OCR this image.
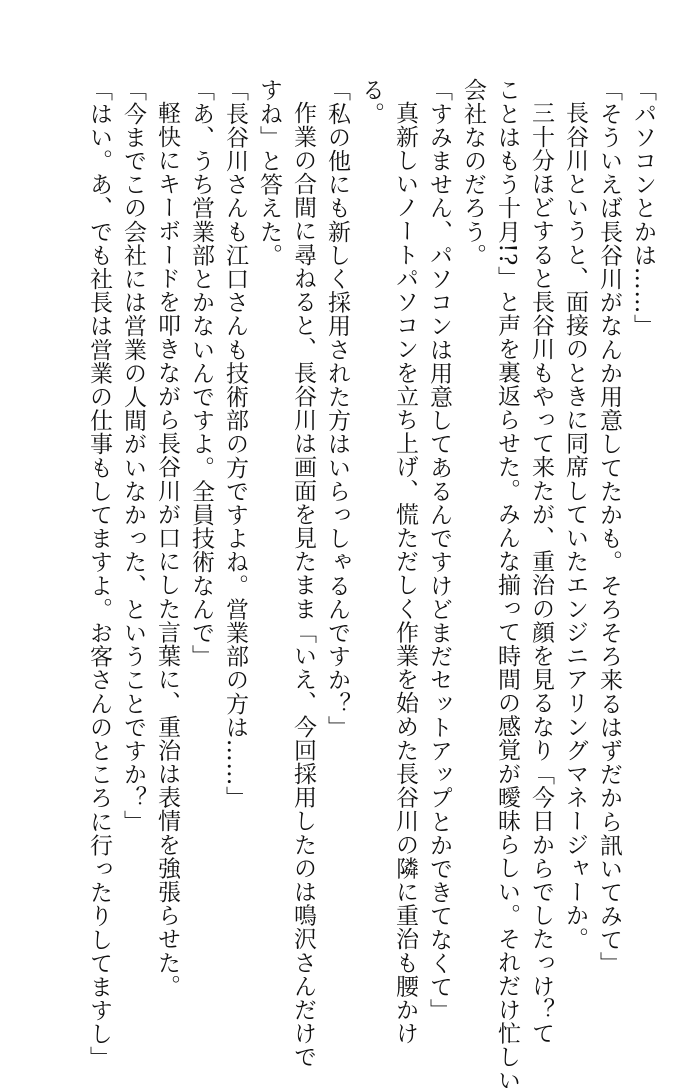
「パソコンとかは……」
「そういえば長谷川がなんか用意してたかも。そろそろ来るはずだから訊いてみて」
長谷川というと、面接のときに同席していたエンジニアリングマネージャーか。
三十分ほどすると長谷川もやって来たが、重治の顔を見るなり「今日からでしたっけ？て
ことはもう十月!?」と声を裏返らせた。みんな揃って時間の感覚が曖昧らしい。それだけ忙しい
会社なのだろう。
「すみません、パソコンは用意してあるんですけどまだセットアップとかできてなくて」
真新しいノートパソコンを立ち上げ、慌ただしく作業を始めた長谷川の隣に重治も腰かけ
る。
「私の他にも新しく採用された方はいらっしゃるんですか？」
作業の合間に尋ねると、長谷川は画面を見たまま「いえ、今回採用したのは鳴沢さんだけで
すね」と答えた。
「長谷川さんも江口さんも技術部の方ですよね。営業部の方は……」
「あ、うち営業部とかないんですよ。全員技術なんで」
軽快にキーボードを叩きながら長谷川が口にした言葉に、重治は表情を強張らせた。
「今までこの会社には営業の人間がいなかった、ということですか？」
「はい。あ、でも社長は営業の仕事もしてますよ。お客さんのところに行ったりしてますし」
